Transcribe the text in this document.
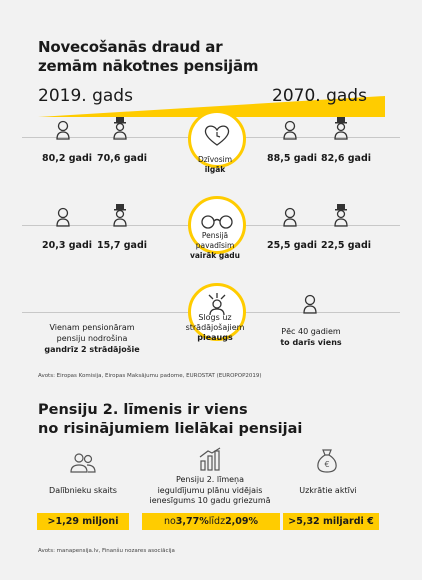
Novecošanās draud ar
zemām nākotnes pensijām
2019. gads	2070. gads
80,2 gadi 70,6 gadi	Dzīvosim
ilgāk
88,5 gadi 82,6 gadi
20,3 gadi 15,7 gadi
Pensijā
pavadīsim
vairāk gadu
25,5 gadi 22,5 gadi
Slogs uz
strādājošajiem
pieaugs
Vienam pensionāram
pensiju nodrošina
gandrīz 2 strādājošie
Pēc 40 gadiem
to darīs viens
Avots: Eiropas Komisija, Eiropas Maksājumu padome, EUROSTAT (EUROPOP2019)
Pensiju 2. līmenis ir viens
no risinājumiem lielākai pensijai
Dalībnieku skaits
>1,29 miljoni
Pensiju 2. līmeņa
ieguldījumu plānu vidējais
ienesīgums 10 gadu griezumā
no 3,77% līdz 2,09%
€
Uzkrātie aktīvi
>5,32 miljardi €
Avots: manapensija.lv, Finanšu nozares asociācija
